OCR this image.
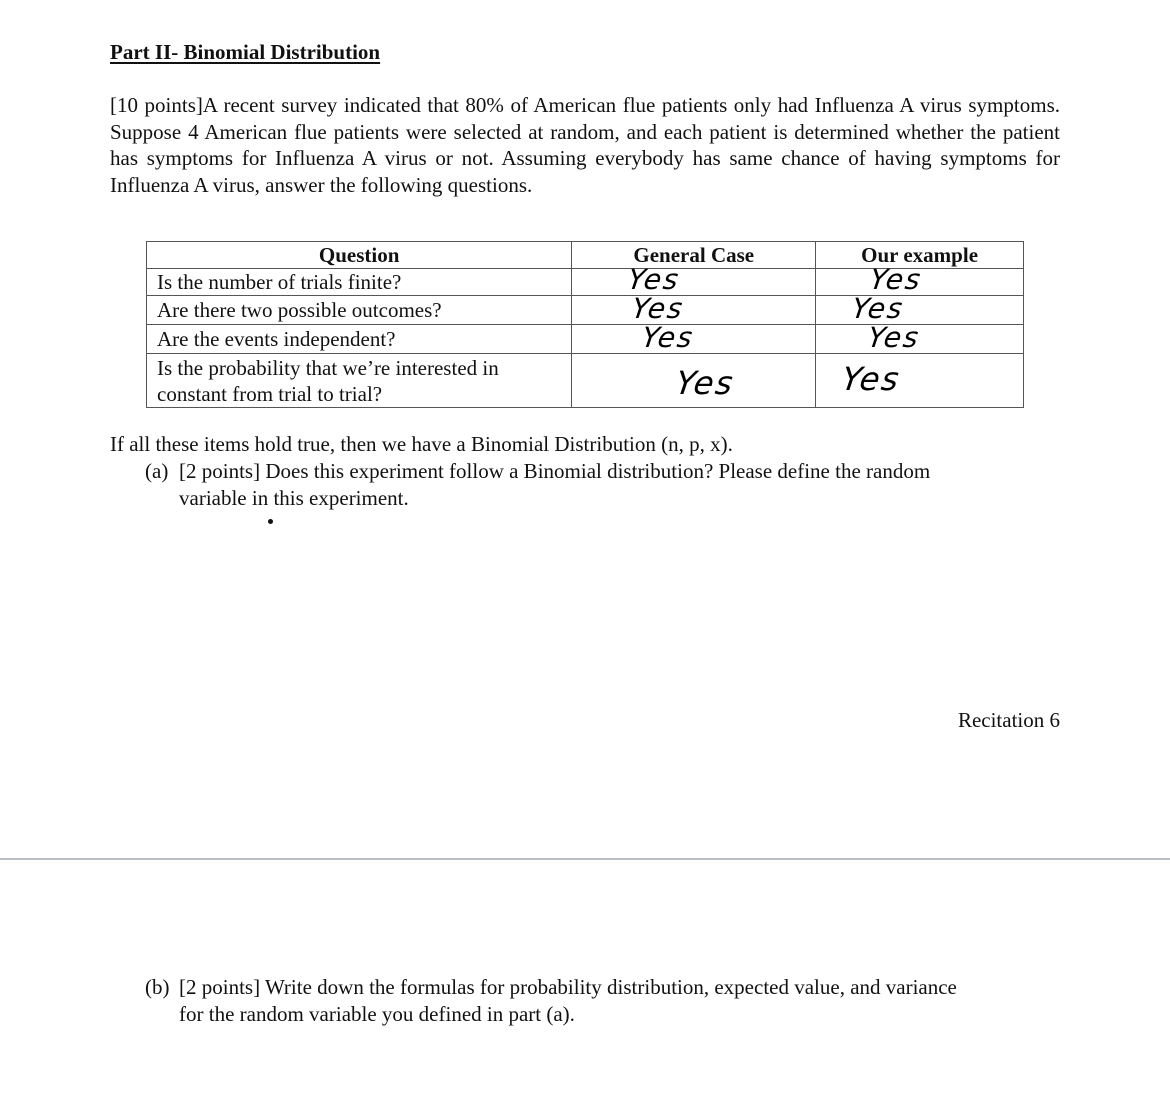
Part II- Binomial Distribution

[10 points]A recent survey indicated that 80% of American flue patients only had Influenza A virus symptoms. Suppose 4 American flue patients were selected at random, and each patient is determined whether the patient has symptoms for Influenza A virus or not. Assuming everybody has same chance of having symptoms for Influenza A virus, answer the following questions.

Question	General Case	Our example
Is the number of trials finite?	Yes	Yes
Are there two possible outcomes?	Yes	Yes
Are the events independent?	Yes	Yes
Is the probability that we’re interested in
constant from trial to trial?	Yes	Yes
If all these items hold true, then we have a Binomial Distribution (n, p, x).
(a) [2 points] Does this experiment follow a Binomial distribution? Please define the random
variable in this experiment.
Recitation 6
(b) [2 points] Write down the formulas for probability distribution, expected value, and variance
for the random variable you defined in part (a).
